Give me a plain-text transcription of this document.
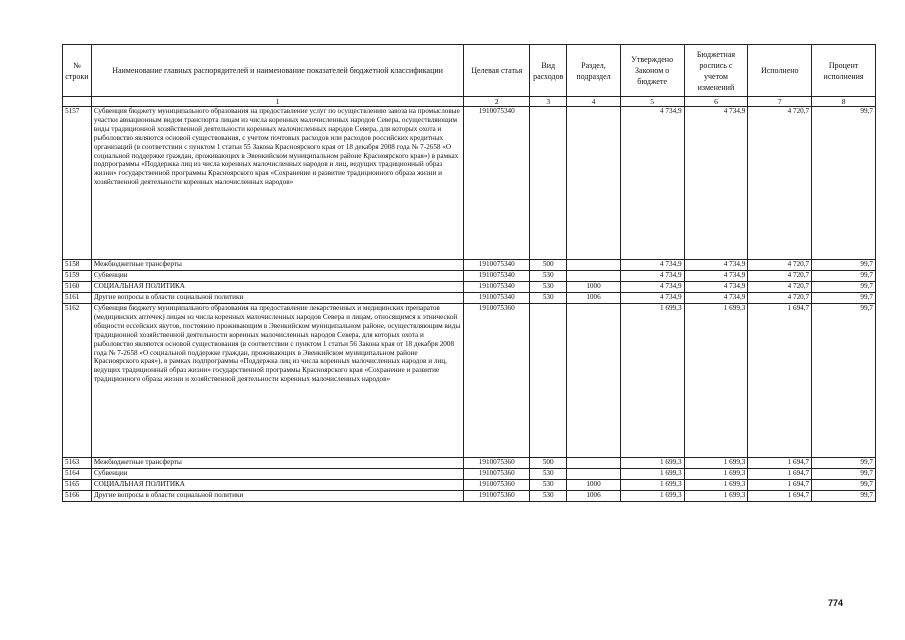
№ строки	Наименование главных распорядителей и наименование показателей бюджетной классификации	Целевая статья	Вид расходов	Раздел, подраздел	Утверждено Законом о бюджете	Бюджетная роспись с учетом изменений	Исполнено	Процент исполнения
	1	2	3	4	5	6	7	8
5157	Субвенция бюджету муниципального образования на предоставление услуг по осуществлению завоза на промысловые участки авиационным видом транспорта лицам из числа коренных малочисленных народов Севера, осуществляющим виды традиционной хозяйственной деятельности коренных малочисленных народов Севера, для которых охота и рыболовство являются основой существования, с учетом почтовых расходов или расходов российских кредитных организаций (в соответствии с пунктом 1 статьи 55 Закона Красноярского края от 18 декабря 2008 года № 7-2658 «О социальной поддержке граждан, проживающих в Эвенкийском муниципальном районе Красноярского края») в рамках подпрограммы «Поддержка лиц из числа коренных малочисленных народов и лиц, ведущих традиционный образ жизни» государственной программы Красноярского края «Сохранение и развитие традиционного образа жизни и хозяйственной деятельности коренных малочисленных народов»	1910075340			4 734,9	4 734,9	4 720,7	99,7
5158	Межбюджетные трансферты	1910075340	500		4 734,9	4 734,9	4 720,7	99,7
5159	Субвенции	1910075340	530		4 734,9	4 734,9	4 720,7	99,7
5160	СОЦИАЛЬНАЯ ПОЛИТИКА	1910075340	530	1000	4 734,9	4 734,9	4 720,7	99,7
5161	Другие вопросы в области социальной политики	1910075340	530	1006	4 734,9	4 734,9	4 720,7	99,7
5162	Субвенция бюджету муниципального образования на предоставление лекарственных и медицинских препаратов (медицинских аптечек) лицам из числа коренных малочисленных народов Севера и лицам, относящимся к этнической общности ессейских якутов, постоянно проживающим в Эвенкийском муниципальном районе, осуществляющим виды традиционной хозяйственной деятельности коренных малочисленных народов Севера, для которых охота и рыболовство являются основой существования (в соответствии с пунктом 1 статьи 56 Закона края от 18 декабря 2008 года № 7-2658 «О социальной поддержке граждан, проживающих в Эвенкийском муниципальном районе Красноярского края»), в рамках подпрограммы «Поддержка лиц из числа коренных малочисленных народов и лиц, ведущих традиционный образ жизни» государственной программы Красноярского края «Сохранение и развитие традиционного образа жизни и хозяйственной деятельности коренных малочисленных народов»	1910075360			1 699,3	1 699,3	1 694,7	99,7
5163	Межбюджетные трансферты	1910075360	500		1 699,3	1 699,3	1 694,7	99,7
5164	Субвенции	1910075360	530		1 699,3	1 699,3	1 694,7	99,7
5165	СОЦИАЛЬНАЯ ПОЛИТИКА	1910075360	530	1000	1 699,3	1 699,3	1 694,7	99,7
5166	Другие вопросы в области социальной политики	1910075360	530	1006	1 699,3	1 699,3	1 694,7	99,7
774
